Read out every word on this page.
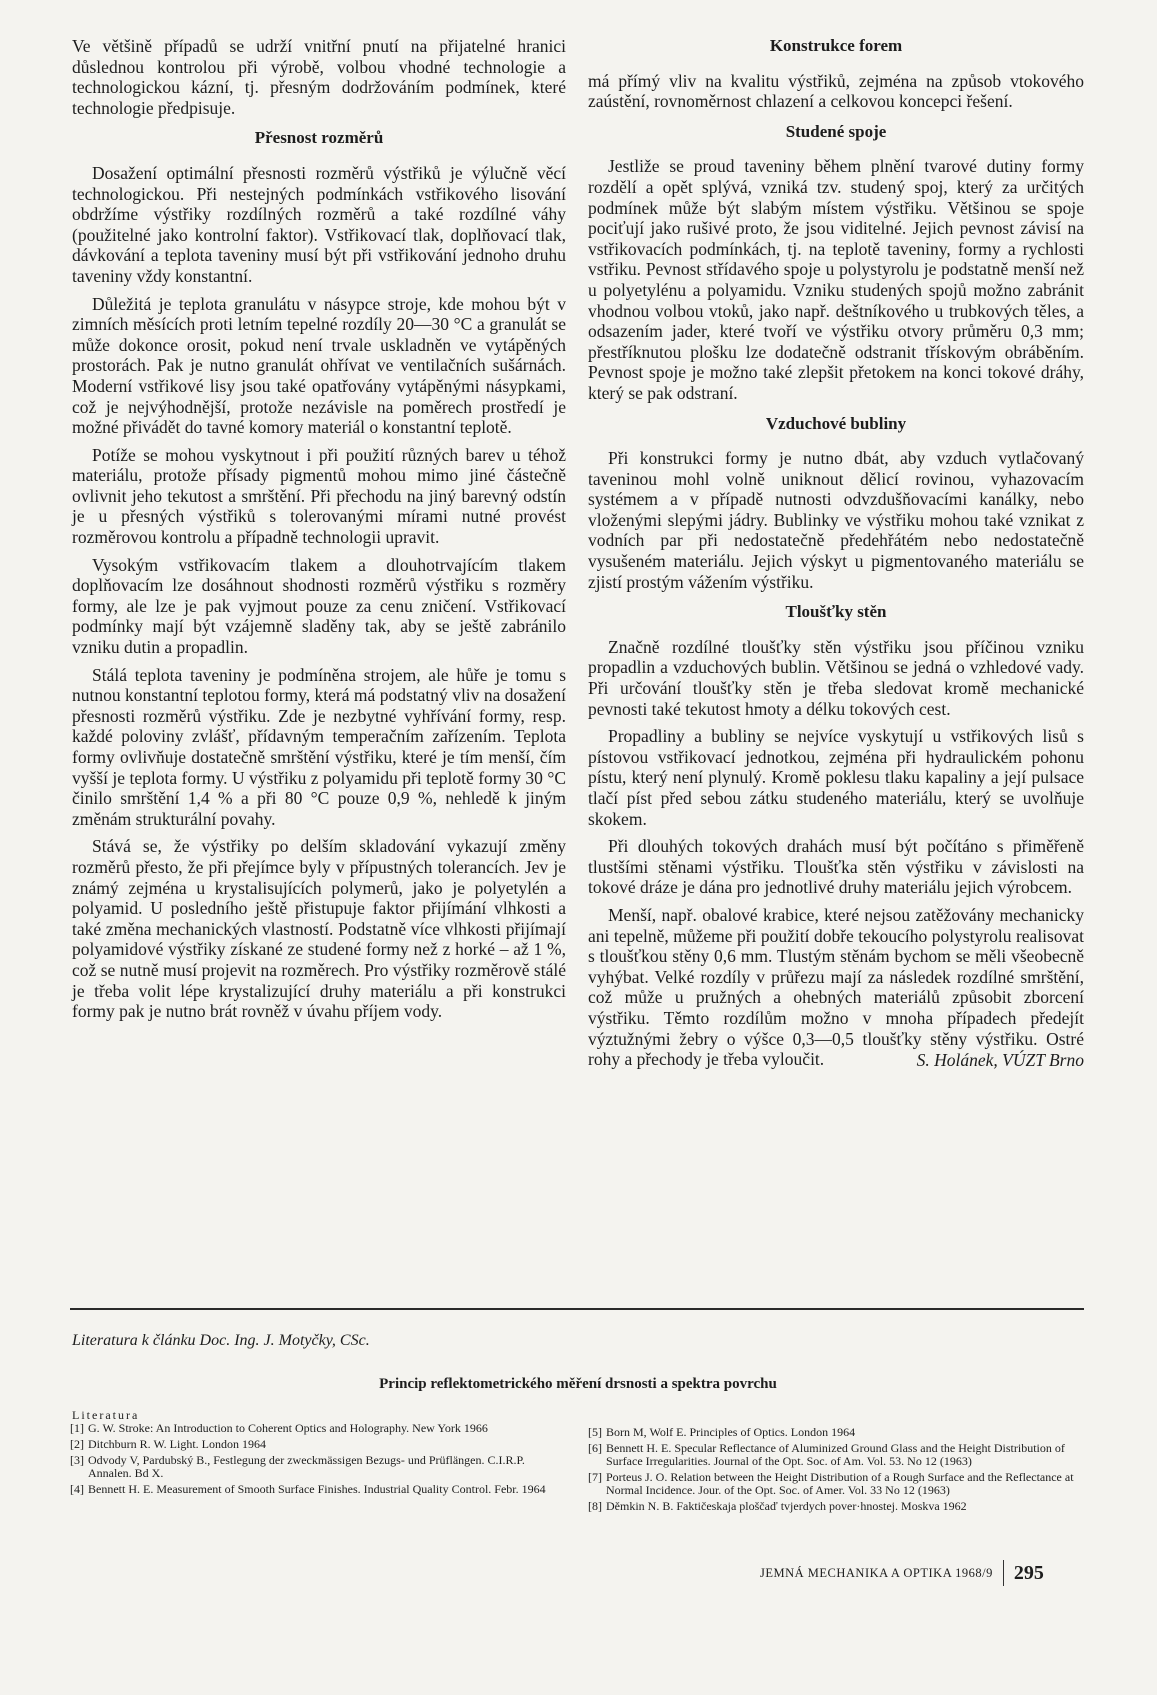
Ve většině případů se udrží vnitřní pnutí na přijatelné hranici důslednou kontrolou při výrobě, volbou vhodné technologie a technologickou kázní, tj. přesným dodržováním podmínek, které technologie předpisuje.

Přesnost rozměrů

Dosažení optimální přesnosti rozměrů výstřiků je výlučně věcí technologickou. Při nestejných podmínkách vstřikového lisování obdržíme výstřiky rozdílných rozměrů a také rozdílné váhy (použitelné jako kontrolní faktor). Vstřikovací tlak, doplňovací tlak, dávkování a teplota taveniny musí být při vstřikování jednoho druhu taveniny vždy konstantní.

Důležitá je teplota granulátu v násypce stroje, kde mohou být v zimních měsících proti letním tepelné rozdíly 20—30 °C a granulát se může dokonce orosit, pokud není trvale uskladněn ve vytápěných prostorách. Pak je nutno granulát ohřívat ve ventilačních sušárnách. Moderní vstřikové lisy jsou také opatřovány vytápěnými násypkami, což je nejvýhodnější, protože nezávisle na poměrech prostředí je možné přivádět do tavné komory materiál o konstantní teplotě.

Potíže se mohou vyskytnout i při použití různých barev u téhož materiálu, protože přísady pigmentů mohou mimo jiné částečně ovlivnit jeho tekutost a smrštění. Při přechodu na jiný barevný odstín je u přesných výstřiků s tolerovanými mírami nutné provést rozměrovou kontrolu a případně technologii upravit.

Vysokým vstřikovacím tlakem a dlouhotrvajícím tlakem doplňovacím lze dosáhnout shodnosti rozměrů výstřiku s rozměry formy, ale lze je pak vyjmout pouze za cenu zničení. Vstřikovací podmínky mají být vzájemně sladěny tak, aby se ještě zabránilo vzniku dutin a propadlin.

Stálá teplota taveniny je podmíněna strojem, ale hůře je tomu s nutnou konstantní teplotou formy, která má podstatný vliv na dosažení přesnosti rozměrů výstřiku. Zde je nezbytné vyhřívání formy, resp. každé poloviny zvlášť, přídavným temperačním zařízením. Teplota formy ovlivňuje dostatečně smrštění výstřiku, které je tím menší, čím vyšší je teplota formy. U výstřiku z polyamidu při teplotě formy 30 °C činilo smrštění 1,4 % a při 80 °C pouze 0,9 %, nehledě k jiným změnám strukturální povahy.

Stává se, že výstřiky po delším skladování vykazují změny rozměrů přesto, že při přejímce byly v přípustných tolerancích. Jev je známý zejména u krystalisujících polymerů, jako je polyetylén a polyamid. U posledního ještě přistupuje faktor přijímání vlhkosti a také změna mechanických vlastností. Podstatně více vlhkosti přijímají polyamidové výstřiky získané ze studené formy než z horké – až 1 %, což se nutně musí projevit na rozměrech. Pro výstřiky rozměrově stálé je třeba volit lépe krystalizující druhy materiálu a při konstrukci formy pak je nutno brát rovněž v úvahu příjem vody.

Konstrukce forem

má přímý vliv na kvalitu výstřiků, zejména na způsob vtokového zaústění, rovnoměrnost chlazení a celkovou koncepci řešení.

Studené spoje

Jestliže se proud taveniny během plnění tvarové dutiny formy rozdělí a opět splývá, vzniká tzv. studený spoj, který za určitých podmínek může být slabým místem výstřiku. Většinou se spoje pociťují jako rušivé proto, že jsou viditelné. Jejich pevnost závisí na vstřikovacích podmínkách, tj. na teplotě taveniny, formy a rychlosti vstřiku. Pevnost střídavého spoje u polystyrolu je podstatně menší než u polyetylénu a polyamidu. Vzniku studených spojů možno zabránit vhodnou volbou vtoků, jako např. deštníkového u trubkových těles, a odsazením jader, které tvoří ve výstřiku otvory průměru 0,3 mm; přestříknutou plošku lze dodatečně odstranit třískovým obráběním. Pevnost spoje je možno také zlepšit přetokem na konci tokové dráhy, který se pak odstraní.

Vzduchové bubliny

Při konstrukci formy je nutno dbát, aby vzduch vytlačovaný taveninou mohl volně uniknout dělicí rovinou, vyhazovacím systémem a v případě nutnosti odvzdušňovacími kanálky, nebo vloženými slepými jádry. Bublinky ve výstřiku mohou také vznikat z vodních par při nedostatečně předehřátém nebo nedostatečně vysušeném materiálu. Jejich výskyt u pigmentovaného materiálu se zjistí prostým vážením výstřiku.

Tloušťky stěn

Značně rozdílné tloušťky stěn výstřiku jsou příčinou vzniku propadlin a vzduchových bublin. Většinou se jedná o vzhledové vady. Při určování tloušťky stěn je třeba sledovat kromě mechanické pevnosti také tekutost hmoty a délku tokových cest.

Propadliny a bubliny se nejvíce vyskytují u vstřikových lisů s pístovou vstřikovací jednotkou, zejména při hydraulickém pohonu pístu, který není plynulý. Kromě poklesu tlaku kapaliny a její pulsace tlačí píst před sebou zátku studeného materiálu, který se uvolňuje skokem.

Při dlouhých tokových drahách musí být počítáno s přiměřeně tlustšími stěnami výstřiku. Tloušťka stěn výstřiku v závislosti na tokové dráze je dána pro jednotlivé druhy materiálu jejich výrobcem.

Menší, např. obalové krabice, které nejsou zatěžovány mechanicky ani tepelně, můžeme při použití dobře tekoucího polystyrolu realisovat s tloušťkou stěny 0,6 mm. Tlustým stěnám bychom se měli všeobecně vyhýbat. Velké rozdíly v průřezu mají za následek rozdílné smrštění, což může u pružných a ohebných materiálů způsobit zborcení výstřiku. Těmto rozdílům možno v mnoha případech předejít výztužnými žebry o výšce 0,3—0,5 tloušťky stěny výstřiku. Ostré rohy a přechody je třeba vyloučit.	S. Holánek, VÚZT Brno
Literatura k článku Doc. Ing. J. Motyčky, CSc.
Princip reflektometrického měření drsnosti a spektra povrchu
Literatura
[1] G. W. Stroke: An Introduction to Coherent Optics and Holography. New York 1966
[2] Ditchburn R. W. Light. London 1964
[3] Odvody V, Pardubský B., Festlegung der zweckmässigen Bezugs- und Prüflängen. C.I.R.P. Annalen. Bd X.
[4] Bennett H. E. Measurement of Smooth Surface Finishes. Industrial Quality Control. Febr. 1964
[5] Born M, Wolf E. Principles of Optics. London 1964
[6] Bennett H. E. Specular Reflectance of Aluminized Ground Glass and the Height Distribution of Surface Irregularities. Journal of the Opt. Soc. of Am. Vol. 53. No 12 (1963)
[7] Porteus J. O. Relation between the Height Distribution of a Rough Surface and the Reflectance at Normal Incidence. Jour. of the Opt. Soc. of Amer. Vol. 33 No 12 (1963)
[8] Děmkin N. B. Faktičeskaja ploščaď tvjerdych pover·hnostej. Moskva 1962
JEMNÁ MECHANIKA A OPTIKA 1968/9	295
